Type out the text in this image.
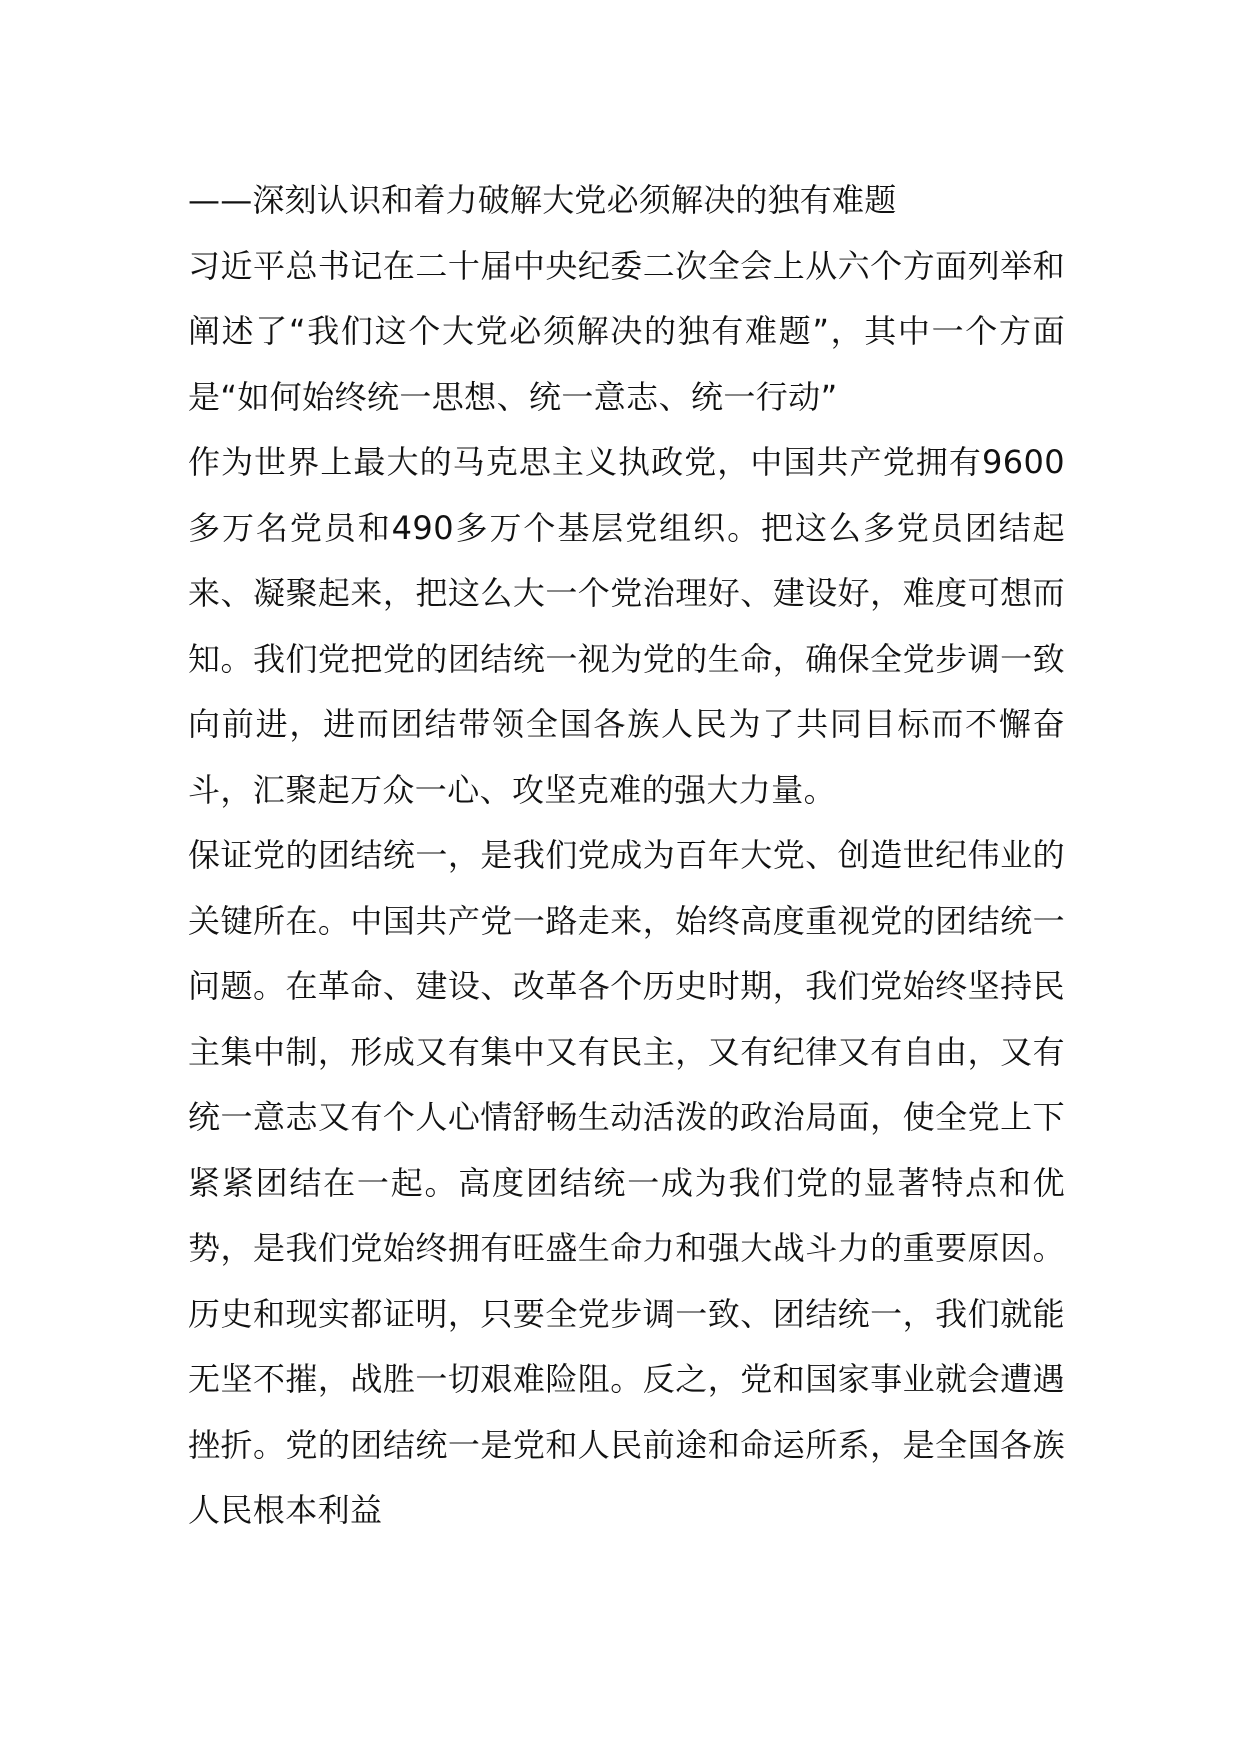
——深刻认识和着力破解大党必须解决的独有难题

习近平总书记在二十届中央纪委二次全会上从六个方面列举和阐述了“我们这个大党必须解决的独有难题”，其中一个方面是“如何始终统一思想、统一意志、统一行动”

作为世界上最大的马克思主义执政党，中国共产党拥有9600多万名党员和490多万个基层党组织。把这么多党员团结起来、凝聚起来，把这么大一个党治理好、建设好，难度可想而知。我们党把党的团结统一视为党的生命，确保全党步调一致向前进，进而团结带领全国各族人民为了共同目标而不懈奋斗，汇聚起万众一心、攻坚克难的强大力量。

保证党的团结统一，是我们党成为百年大党、创造世纪伟业的关键所在。中国共产党一路走来，始终高度重视党的团结统一问题。在革命、建设、改革各个历史时期，我们党始终坚持民主集中制，形成又有集中又有民主，又有纪律又有自由，又有统一意志又有个人心情舒畅生动活泼的政治局面，使全党上下紧紧团结在一起。高度团结统一成为我们党的显著特点和优势，是我们党始终拥有旺盛生命力和强大战斗力的重要原因。历史和现实都证明，只要全党步调一致、团结统一，我们就能无坚不摧，战胜一切艰难险阻。反之，党和国家事业就会遭遇挫折。党的团结统一是党和人民前途和命运所系，是全国各族人民根本利益
